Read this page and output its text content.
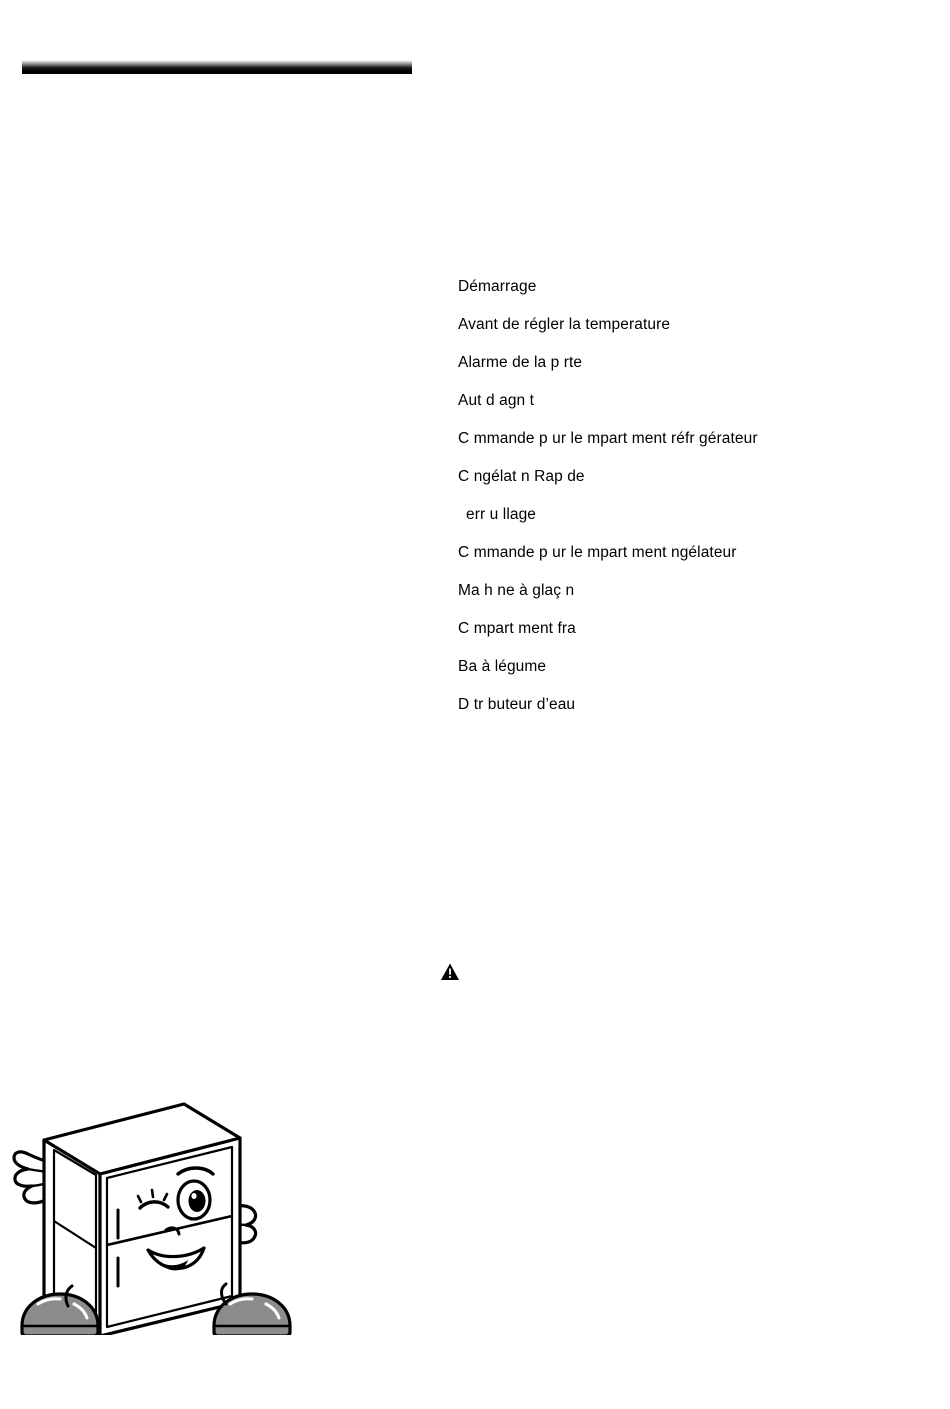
Démarrage
Avant de régler la temperature
Alarme de la p rte
Aut d agn t
C mmande p ur le mpart ment réfr gérateur
C ngélat n Rap de
err u llage
C mmande p ur le mpart ment ngélateur
Ma h ne à glaç n
C mpart ment fra
Ba à légume
D tr buteur d’eau
